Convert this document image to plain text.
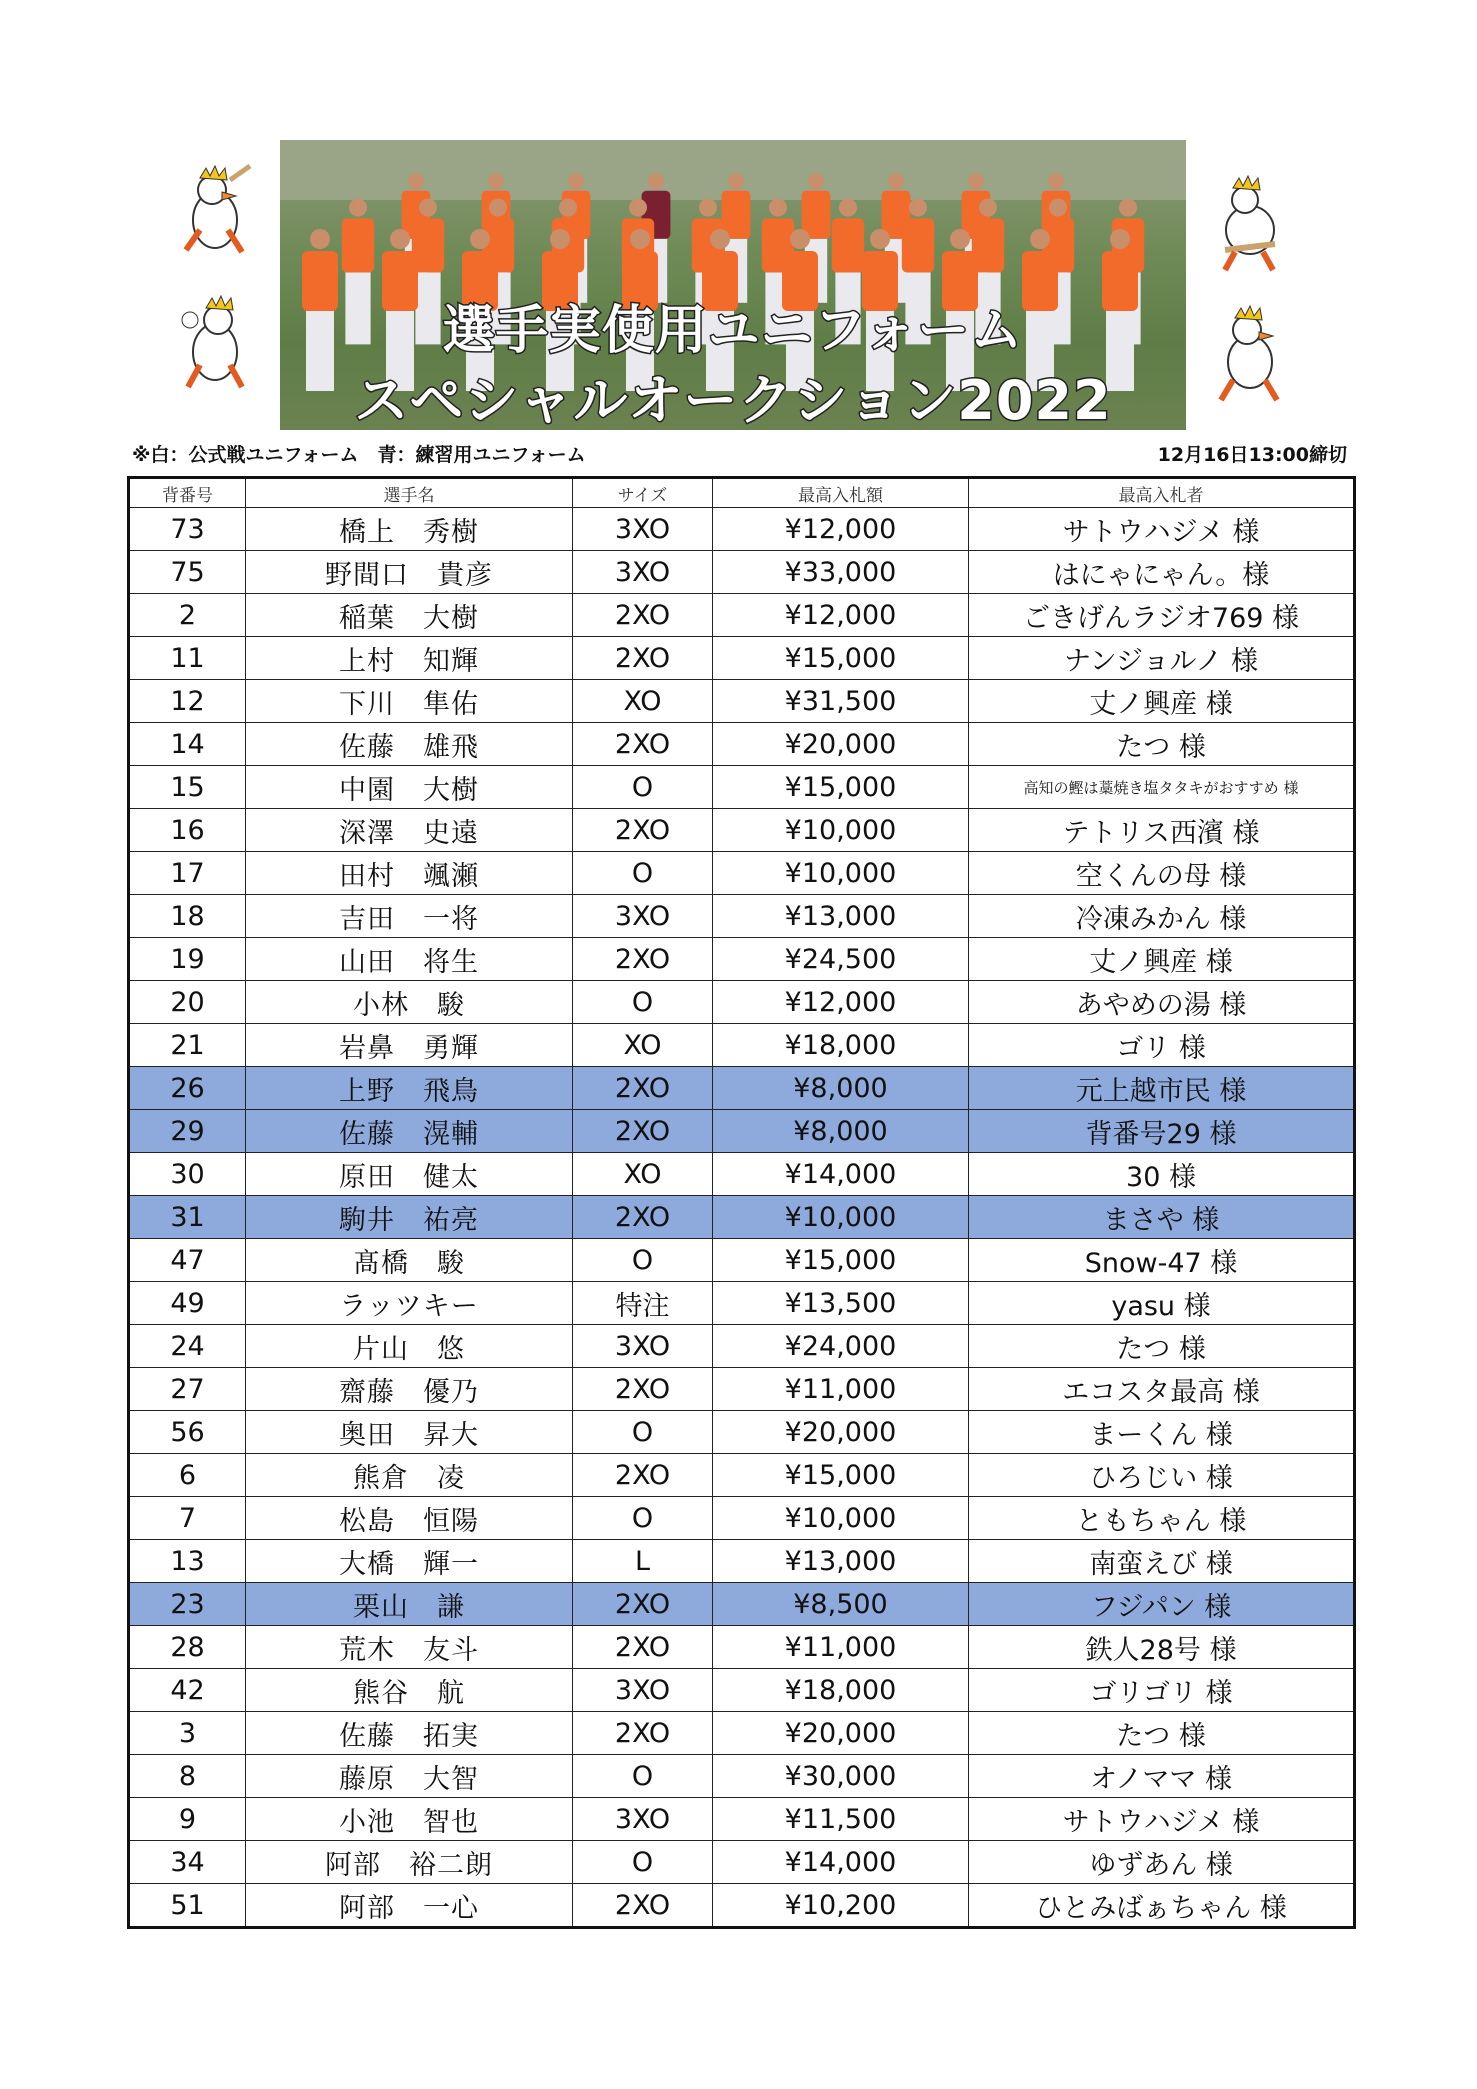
選手実使用ユニフォーム
スペシャルオークション2022
※白：公式戦ユニフォーム　青：練習用ユニフォーム	12月16日13:00締切
背番号	選手名	サイズ	最高入札額	最高入札者
73	橋上　秀樹	3XO	¥12,000	サトウハジメ 様
75	野間口　貴彦	3XO	¥33,000	はにゃにゃん。様
2	稲葉　大樹	2XO	¥12,000	ごきげんラジオ769 様
11	上村　知輝	2XO	¥15,000	ナンジョルノ 様
12	下川　隼佑	XO	¥31,500	丈ノ興産 様
14	佐藤　雄飛	2XO	¥20,000	たつ 様
15	中園　大樹	O	¥15,000	高知の鰹は藁焼き塩タタキがおすすめ 様
16	深澤　史遠	2XO	¥10,000	テトリス西濱 様
17	田村　颯瀬	O	¥10,000	空くんの母 様
18	吉田　一将	3XO	¥13,000	冷凍みかん 様
19	山田　将生	2XO	¥24,500	丈ノ興産 様
20	小林　駿	O	¥12,000	あやめの湯 様
21	岩鼻　勇輝	XO	¥18,000	ゴリ 様
26	上野　飛鳥	2XO	¥8,000	元上越市民 様
29	佐藤　滉輔	2XO	¥8,000	背番号29 様
30	原田　健太	XO	¥14,000	30 様
31	駒井　祐亮	2XO	¥10,000	まさや 様
47	髙橋　駿	O	¥15,000	Snow-47 様
49	ラッツキー	特注	¥13,500	yasu 様
24	片山　悠	3XO	¥24,000	たつ 様
27	齋藤　優乃	2XO	¥11,000	エコスタ最高 様
56	奥田　昇大	O	¥20,000	まーくん 様
6	熊倉　凌	2XO	¥15,000	ひろじい 様
7	松島　恒陽	O	¥10,000	ともちゃん 様
13	大橋　輝一	L	¥13,000	南蛮えび 様
23	栗山　謙	2XO	¥8,500	フジパン 様
28	荒木　友斗	2XO	¥11,000	鉄人28号 様
42	熊谷　航	3XO	¥18,000	ゴリゴリ 様
3	佐藤　拓実	2XO	¥20,000	たつ 様
8	藤原　大智	O	¥30,000	オノママ 様
9	小池　智也	3XO	¥11,500	サトウハジメ 様
34	阿部　裕二朗	O	¥14,000	ゆずあん 様
51	阿部　一心	2XO	¥10,200	ひとみばぁちゃん 様
